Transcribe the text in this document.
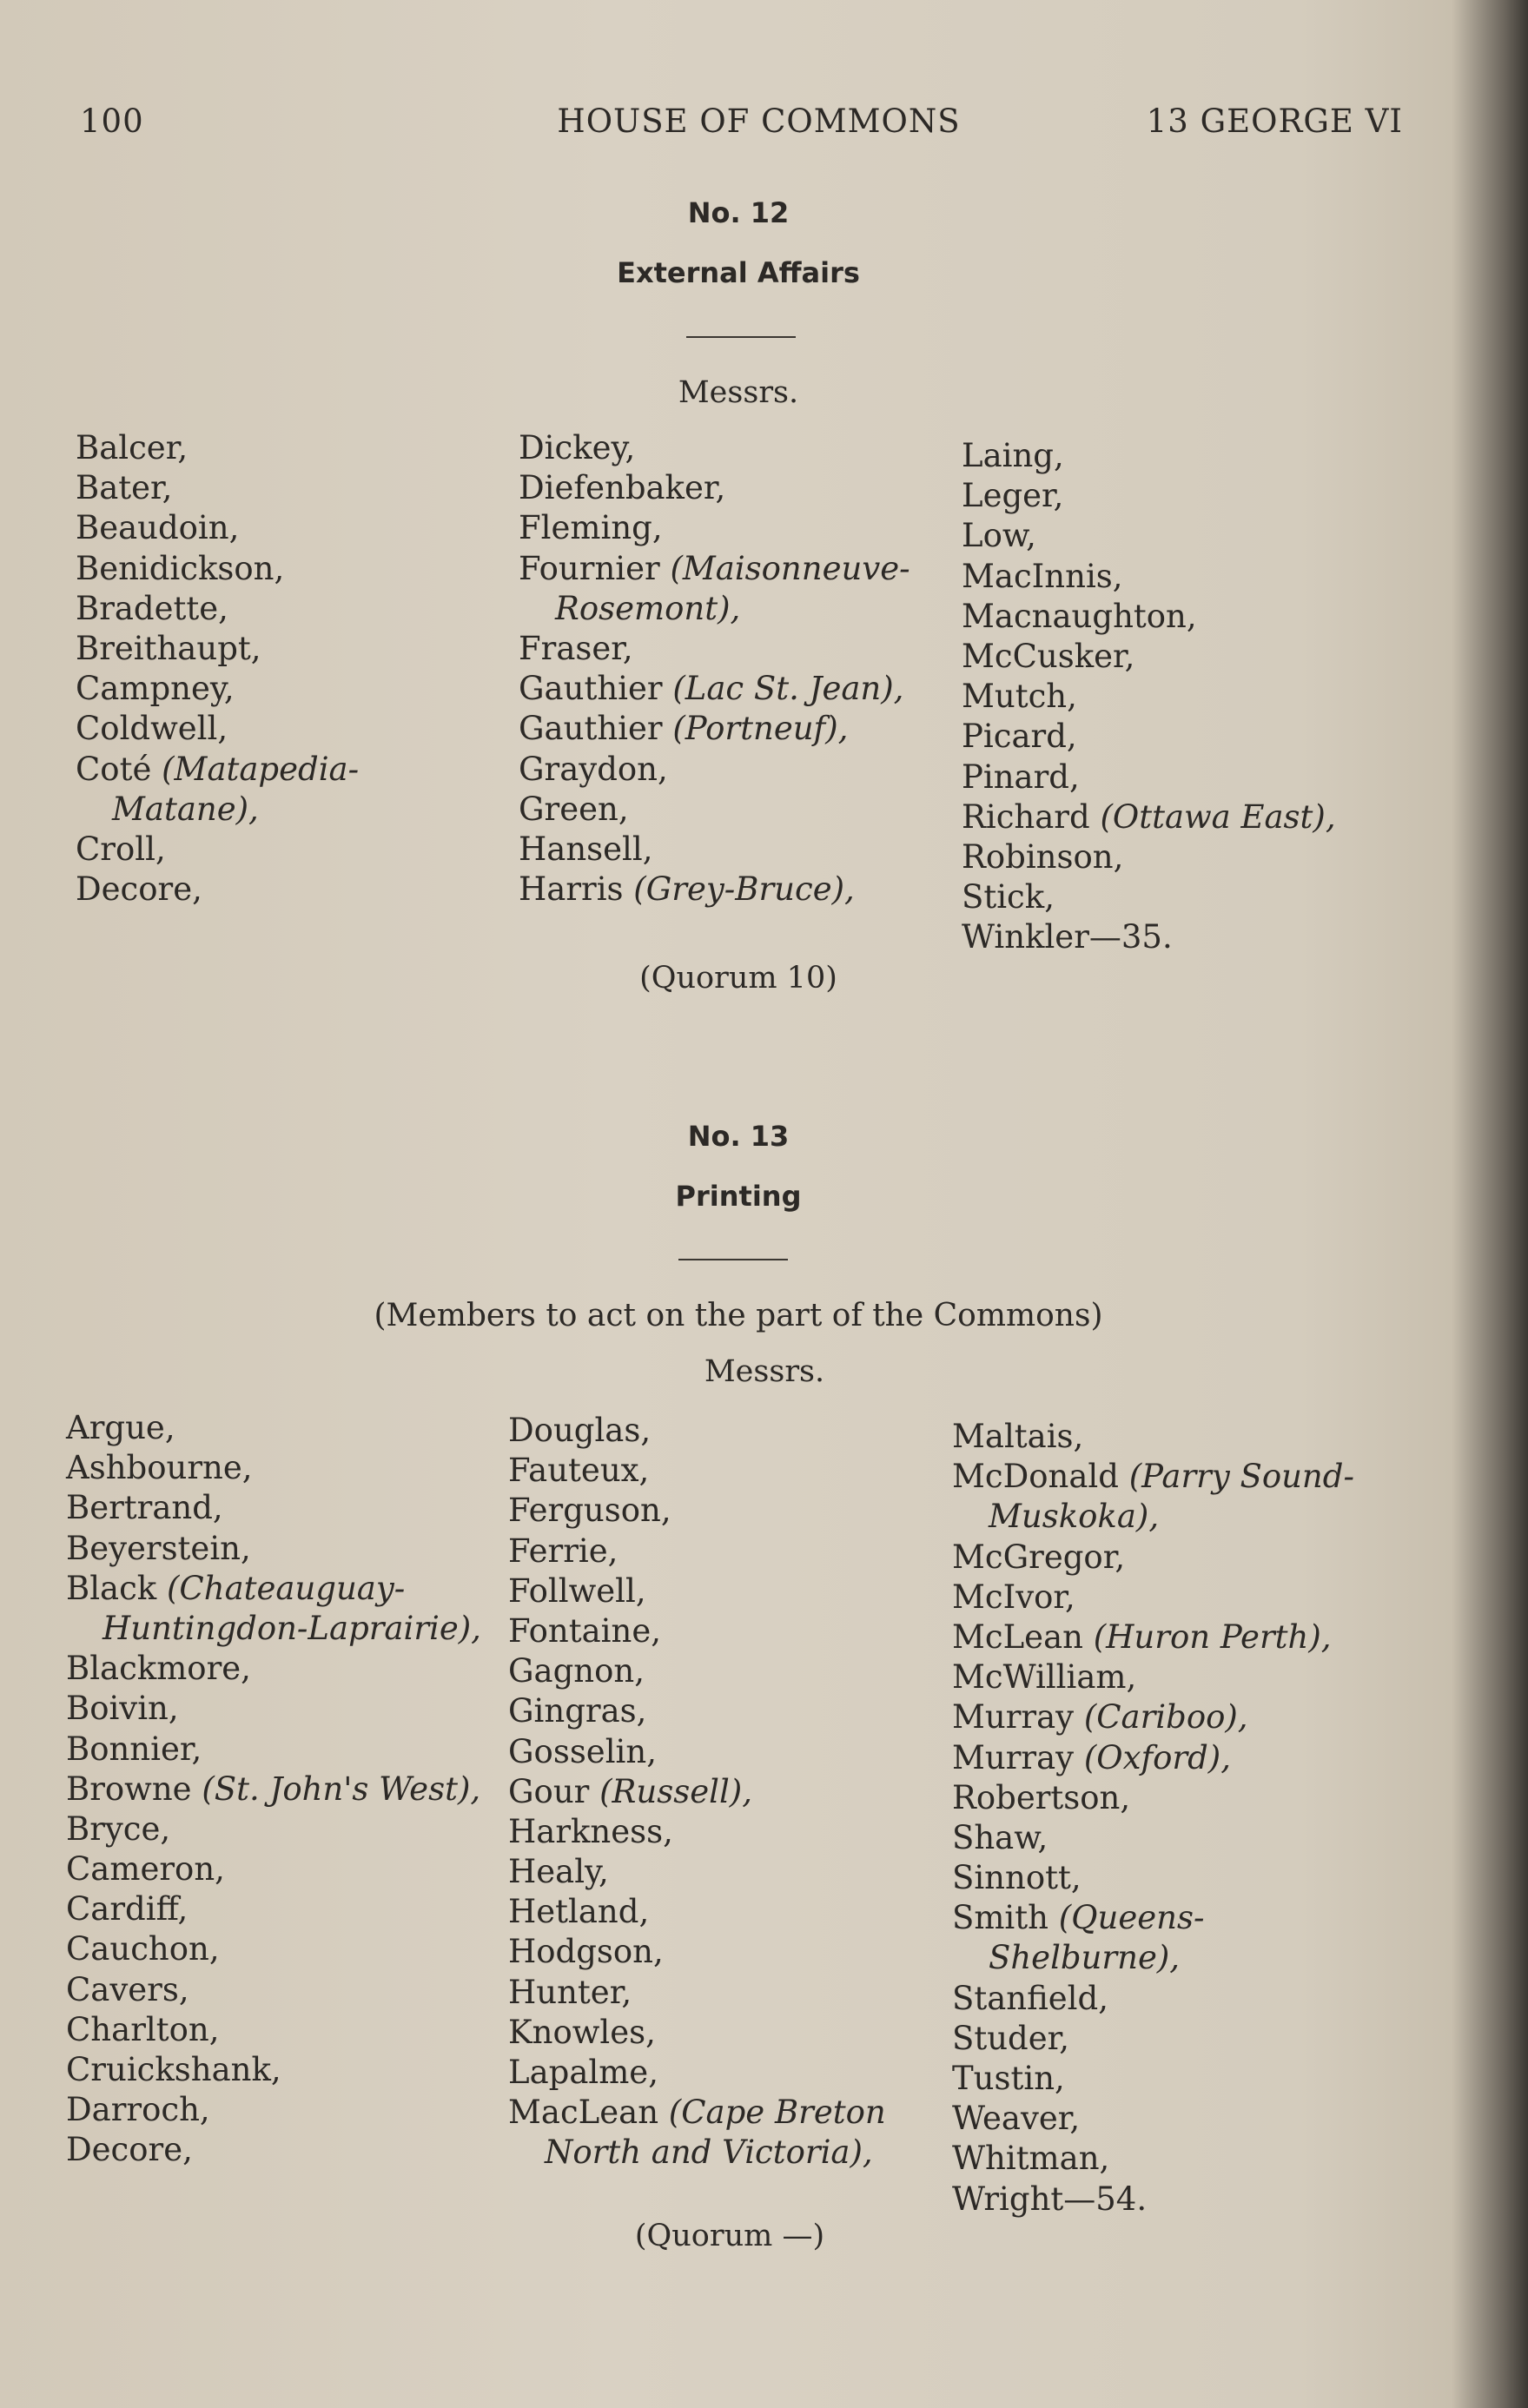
100	HOUSE OF COMMONS	13 GEORGE VI
No. 12
External Affairs
Messrs.
Balcer,
Bater,
Beaudoin,
Benidickson,
Bradette,
Breithaupt,
Campney,
Coldwell,
Coté (Matapedia-
Matane),
Croll,
Decore,
Dickey,
Diefenbaker,
Fleming,
Fournier (Maisonneuve-
Rosemont),
Fraser,
Gauthier (Lac St. Jean),
Gauthier (Portneuf),
Graydon,
Green,
Hansell,
Harris (Grey-Bruce),
Laing,
Leger,
Low,
MacInnis,
Macnaughton,
McCusker,
Mutch,
Picard,
Pinard,
Richard (Ottawa East),
Robinson,
Stick,
Winkler—35.
(Quorum 10)
No. 13
Printing
(Members to act on the part of the Commons)
Messrs.
Argue,
Ashbourne,
Bertrand,
Beyerstein,
Black (Chateauguay-
Huntingdon-Laprairie),
Blackmore,
Boivin,
Bonnier,
Browne (St. John's West),
Bryce,
Cameron,
Cardiff,
Cauchon,
Cavers,
Charlton,
Cruickshank,
Darroch,
Decore,
Douglas,
Fauteux,
Ferguson,
Ferrie,
Follwell,
Fontaine,
Gagnon,
Gingras,
Gosselin,
Gour (Russell),
Harkness,
Healy,
Hetland,
Hodgson,
Hunter,
Knowles,
Lapalme,
MacLean (Cape Breton
North and Victoria),
Maltais,
McDonald (Parry Sound-
Muskoka),
McGregor,
McIvor,
McLean (Huron Perth),
McWilliam,
Murray (Cariboo),
Murray (Oxford),
Robertson,
Shaw,
Sinnott,
Smith (Queens-
Shelburne),
Stanfield,
Studer,
Tustin,
Weaver,
Whitman,
Wright—54.
(Quorum —)
